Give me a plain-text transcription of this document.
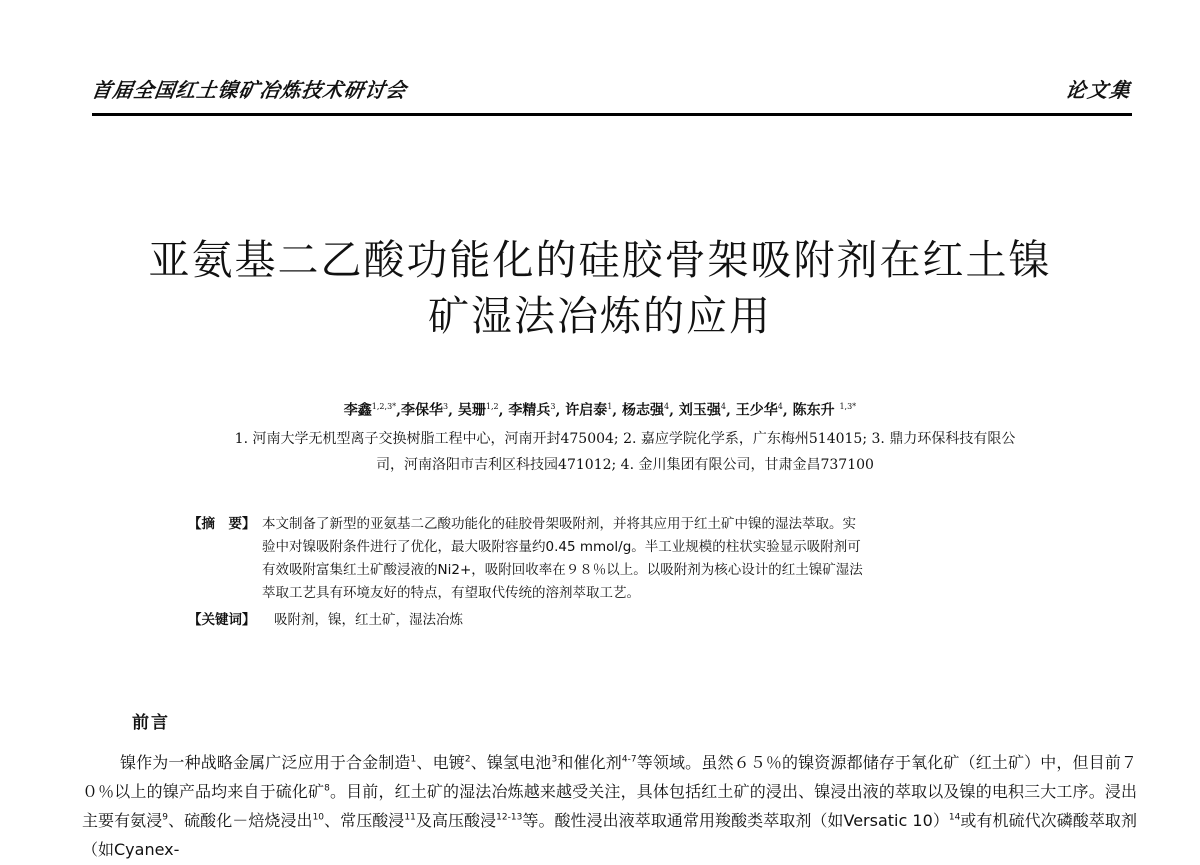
首届全国红土镍矿冶炼技术研讨会	论文集
亚氨基二乙酸功能化的硅胶骨架吸附剂在红土镍
矿湿法冶炼的应用
李鑫$^{1,2,3*}$,李保华$^3$, 吴珊$^{1,2}$, 李精兵$^3$, 许启泰$^1$, 杨志强$^4$, 刘玉强$^4$, 王少华$^4$, 陈东升 $^{1,3*}$
1. 河南大学无机型离子交换树脂工程中心，河南开封475004; 2. 嘉应学院化学系，广东梅州514015; 3. 鼎力环保科技有限公
司，河南洛阳市吉利区科技园471012; 4. 金川集团有限公司，甘肃金昌737100
【摘　要】 本文制备了新型的亚氨基二乙酸功能化的硅胶骨架吸附剂，并将其应用于红土矿中镍的湿法萃取。实
验中对镍吸附条件进行了优化，最大吸附容量约0.45 mmol/g。半工业规模的柱状实验显示吸附剂可
有效吸附富集红土矿酸浸液的Ni2+，吸附回收率在９８％以上。以吸附剂为核心设计的红土镍矿湿法
萃取工艺具有环境友好的特点，有望取代传统的溶剂萃取工艺。
【关键词】 吸附剂，镍，红土矿，湿法冶炼
前言

镍作为一种战略金属广泛应用于合金制造$^1$、电镀$^2$、镍氢电池$^3$和催化剂$^{4-7}$等领域。虽然６５％的镍资源都储存于氧化矿（红土矿）中，但目前７０％以上的镍产品均来自于硫化矿$^8$。目前，红土矿的湿法冶炼越来越受关注，具体包括红土矿的浸出、镍浸出液的萃取以及镍的电积三大工序。浸出主要有氨浸$^9$、硫酸化－焙烧浸出$^{10}$、常压酸浸$^{11}$及高压酸浸$^{12-13}$等。酸性浸出液萃取通常用羧酸类萃取剂（如Versatic 10）$^{14}$或有机硫代次磷酸萃取剂（如Cyanex-
